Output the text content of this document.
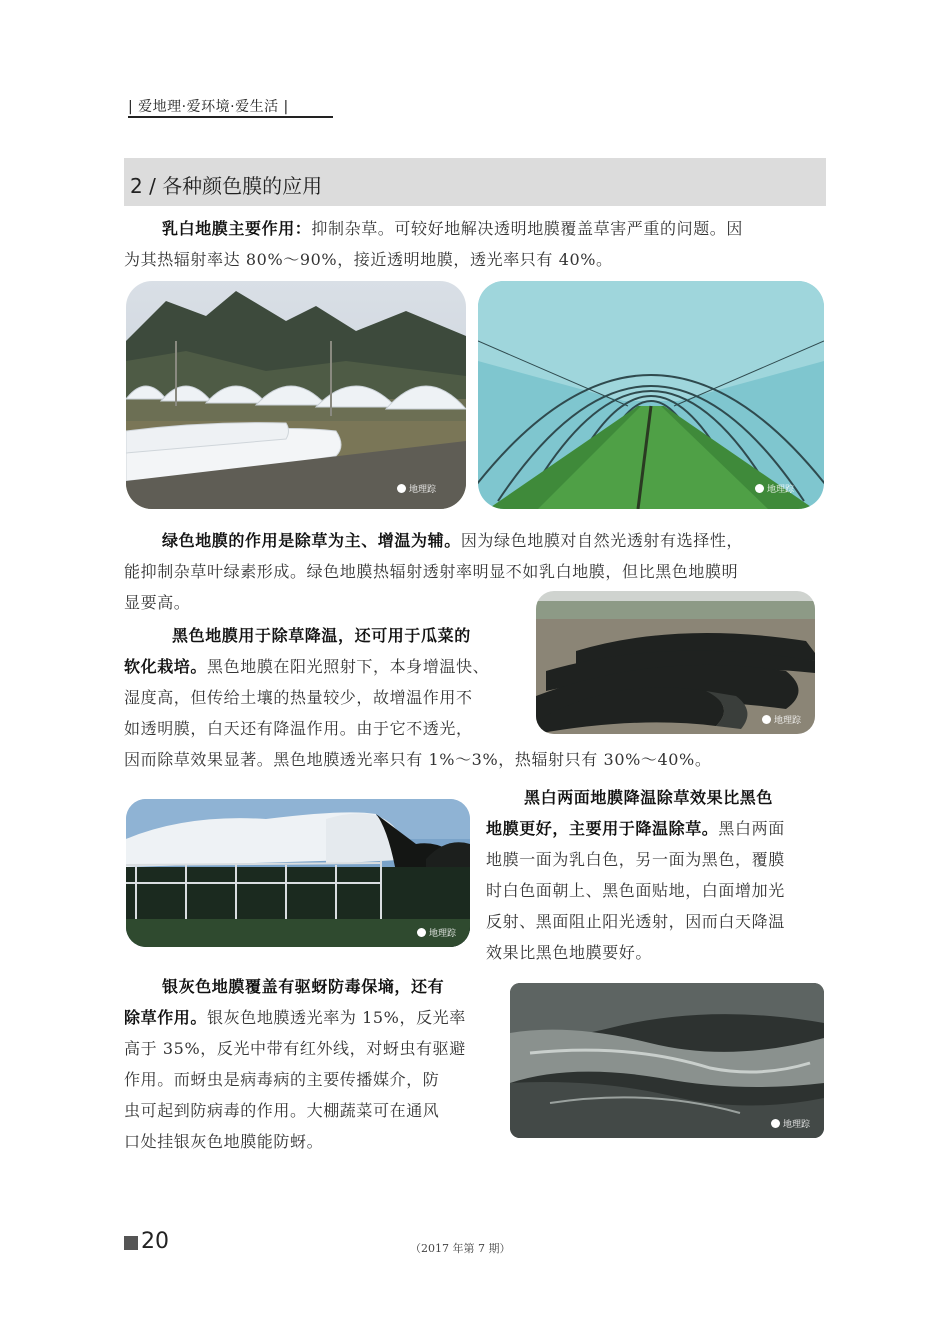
| 爱地理·爱环境·爱生活 |
2 / 各种颜色膜的应用

乳白地膜主要作用：抑制杂草。可较好地解决透明地膜覆盖草害严重的问题。因

为其热辐射率达 80%～90%，接近透明地膜，透光率只有 40%。

地理踪	地理踪

绿色地膜的作用是除草为主、增温为辅。因为绿色地膜对自然光透射有选择性，

能抑制杂草叶绿素形成。绿色地膜热辐射透射率明显不如乳白地膜，但比黑色地膜明

显要高。

地理踪

黑色地膜用于除草降温，还可用于瓜菜的

软化栽培。黑色地膜在阳光照射下，本身增温快、

湿度高，但传给土壤的热量较少，故增温作用不

如透明膜，白天还有降温作用。由于它不透光，

因而除草效果显著。黑色地膜透光率只有 1%～3%，热辐射只有 30%～40%。

地理踪

黑白两面地膜降温除草效果比黑色

地膜更好，主要用于降温除草。黑白两面

地膜一面为乳白色，另一面为黑色，覆膜

时白色面朝上、黑色面贴地，白面增加光

反射、黑面阻止阳光透射，因而白天降温

效果比黑色地膜要好。

银灰色地膜覆盖有驱蚜防毒保墒，还有

除草作用。银灰色地膜透光率为 15%，反光率

高于 35%，反光中带有红外线，对蚜虫有驱避

作用。而蚜虫是病毒病的主要传播媒介，防

虫可起到防病毒的作用。大棚蔬菜可在通风

口处挂银灰色地膜能防蚜。

地理踪
20	（2017 年第 7 期）
